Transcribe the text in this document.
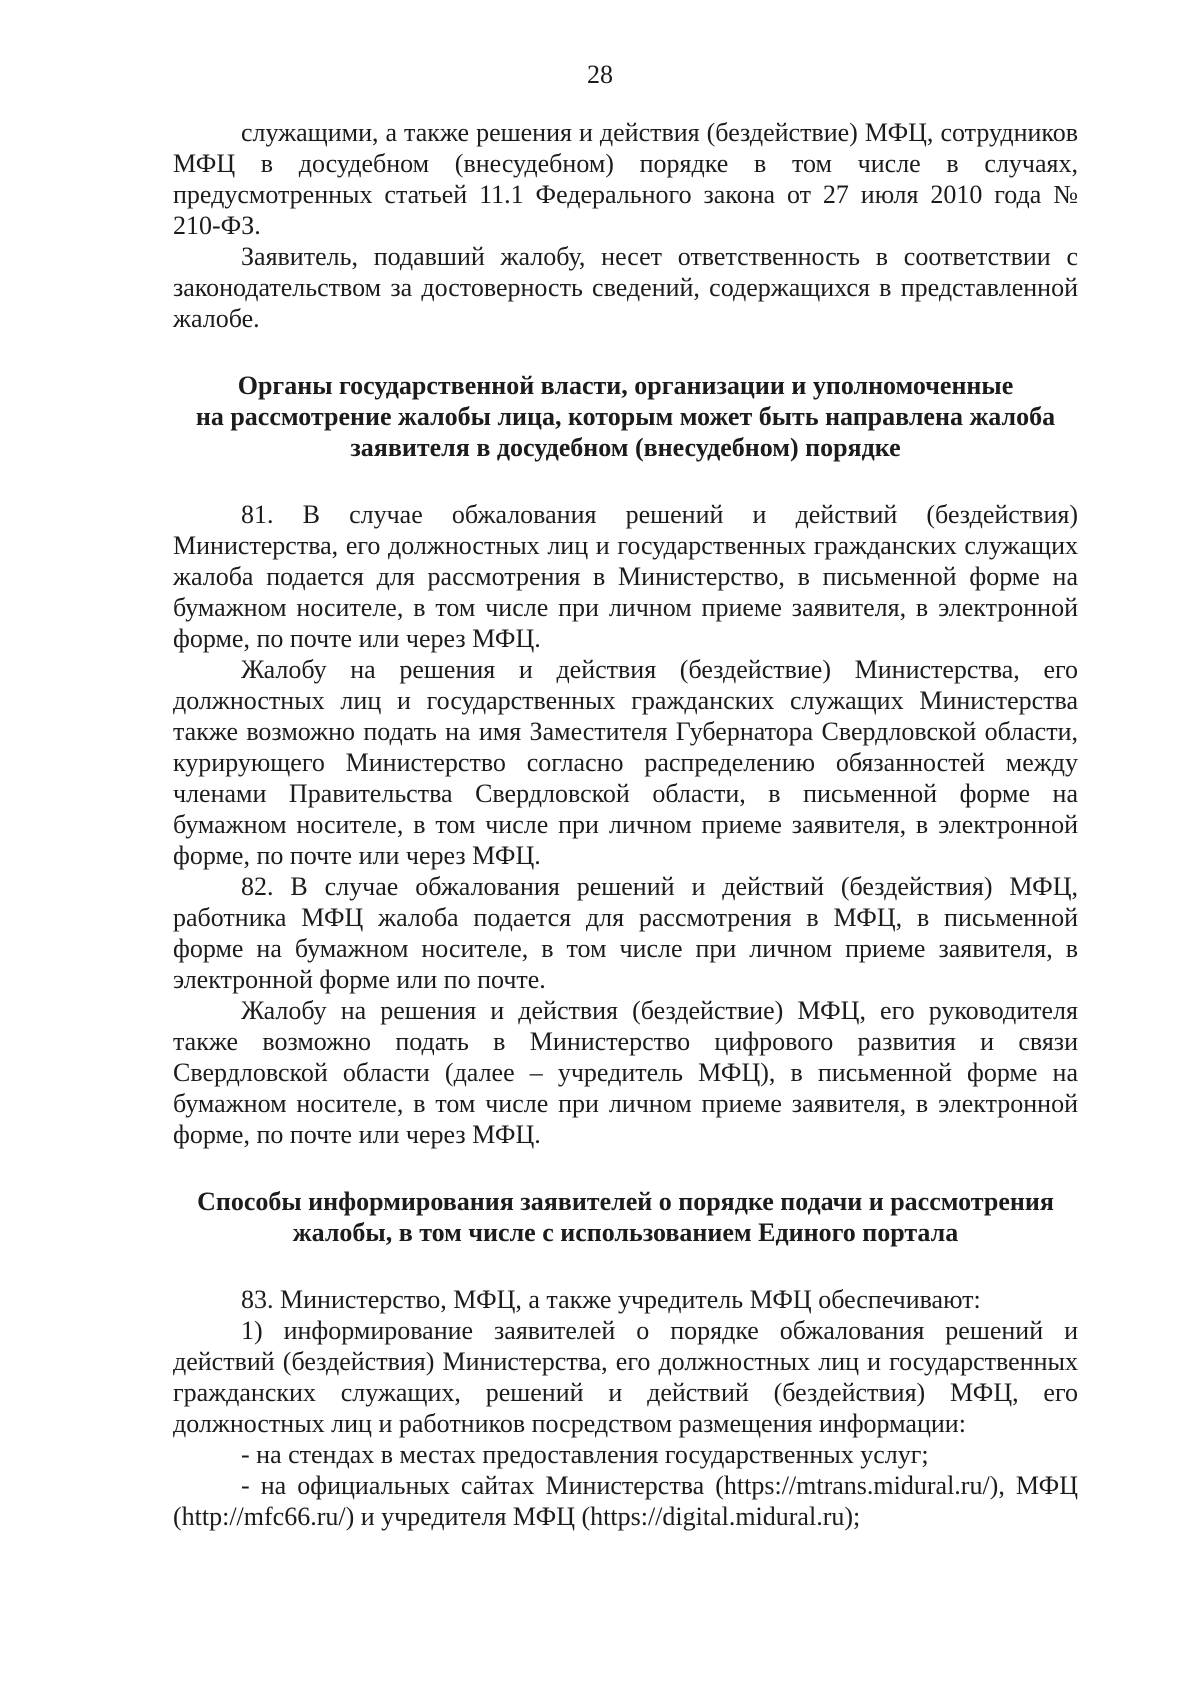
28

служащими, а также решения и действия (бездействие) МФЦ, сотрудников МФЦ в досудебном (внесудебном) порядке в том числе в случаях, предусмотренных статьей 11.1 Федерального закона от 27 июля 2010 года № 210-ФЗ.

Заявитель, подавший жалобу, несет ответственность в соответствии с законодательством за достоверность сведений, содержащихся в представленной жалобе.

Органы государственной власти, организации и уполномоченные

на рассмотрение жалобы лица, которым может быть направлена жалоба

заявителя в досудебном (внесудебном) порядке

81. В случае обжалования решений и действий (бездействия) Министерства, его должностных лиц и государственных гражданских служащих жалоба подается для рассмотрения в Министерство, в письменной форме на бумажном носителе, в том числе при личном приеме заявителя, в электронной форме, по почте или через МФЦ.

Жалобу на решения и действия (бездействие) Министерства, его должностных лиц и государственных гражданских служащих Министерства также возможно подать на имя Заместителя Губернатора Свердловской области, курирующего Министерство согласно распределению обязанностей между членами Правительства Свердловской области, в письменной форме на бумажном носителе, в том числе при личном приеме заявителя, в электронной форме, по почте или через МФЦ.

82. В случае обжалования решений и действий (бездействия) МФЦ, работника МФЦ жалоба подается для рассмотрения в МФЦ, в письменной форме на бумажном носителе, в том числе при личном приеме заявителя, в электронной форме или по почте.

Жалобу на решения и действия (бездействие) МФЦ, его руководителя также возможно подать в Министерство цифрового развития и связи Свердловской области (далее – учредитель МФЦ), в письменной форме на бумажном носителе, в том числе при личном приеме заявителя, в электронной форме, по почте или через МФЦ.

Способы информирования заявителей о порядке подачи и рассмотрения

жалобы, в том числе с использованием Единого портала

83. Министерство, МФЦ, а также учредитель МФЦ обеспечивают:

1) информирование заявителей о порядке обжалования решений и действий (бездействия) Министерства, его должностных лиц и государственных гражданских служащих, решений и действий (бездействия) МФЦ, его должностных лиц и работников посредством размещения информации:

- на стендах в местах предоставления государственных услуг;

- на официальных сайтах Министерства (https://mtrans.midural.ru/), МФЦ (http://mfc66.ru/) и учредителя МФЦ (https://digital.midural.ru);
